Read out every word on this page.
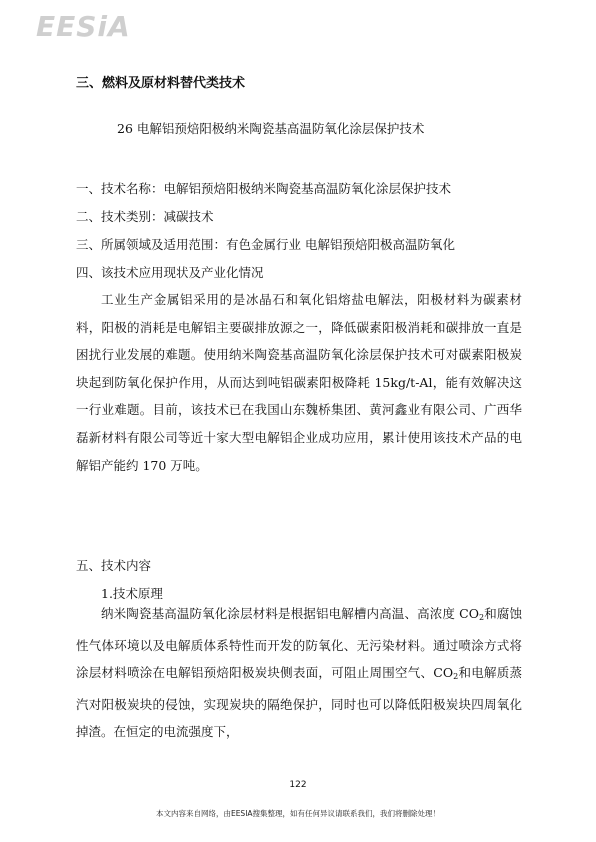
EESiA
三、燃料及原材料替代类技术
26 电解铝预焙阳极纳米陶瓷基高温防氧化涂层保护技术
一、技术名称：电解铝预焙阳极纳米陶瓷基高温防氧化涂层保护技术
二、技术类别：减碳技术
三、所属领域及适用范围：有色金属行业 电解铝预焙阳极高温防氧化
四、该技术应用现状及产业化情况

工业生产金属铝采用的是冰晶石和氧化铝熔盐电解法，阳极材料为碳素材料，阳极的消耗是电解铝主要碳排放源之一，降低碳素阳极消耗和碳排放一直是困扰行业发展的难题。使用纳米陶瓷基高温防氧化涂层保护技术可对碳素阳极炭块起到防氧化保护作用，从而达到吨铝碳素阳极降耗 15kg/t-Al，能有效解决这一行业难题。目前，该技术已在我国山东魏桥集团、黄河鑫业有限公司、广西华磊新材料有限公司等近十家大型电解铝企业成功应用，累计使用该技术产品的电解铝产能约 170 万吨。

五、技术内容
1.技术原理

纳米陶瓷基高温防氧化涂层材料是根据铝电解槽内高温、高浓度 $CO_2$和腐蚀性气体环境以及电解质体系特性而开发的防氧化、无污染材料。通过喷涂方式将涂层材料喷涂在电解铝预焙阳极炭块侧表面，可阻止周围空气、$CO_2$和电解质蒸汽对阳极炭块的侵蚀，实现炭块的隔绝保护，同时也可以降低阳极炭块四周氧化掉渣。在恒定的电流强度下，

122
本文内容来自网络，由EESIA搜集整理，如有任何异议请联系我们，我们将删除处理！
